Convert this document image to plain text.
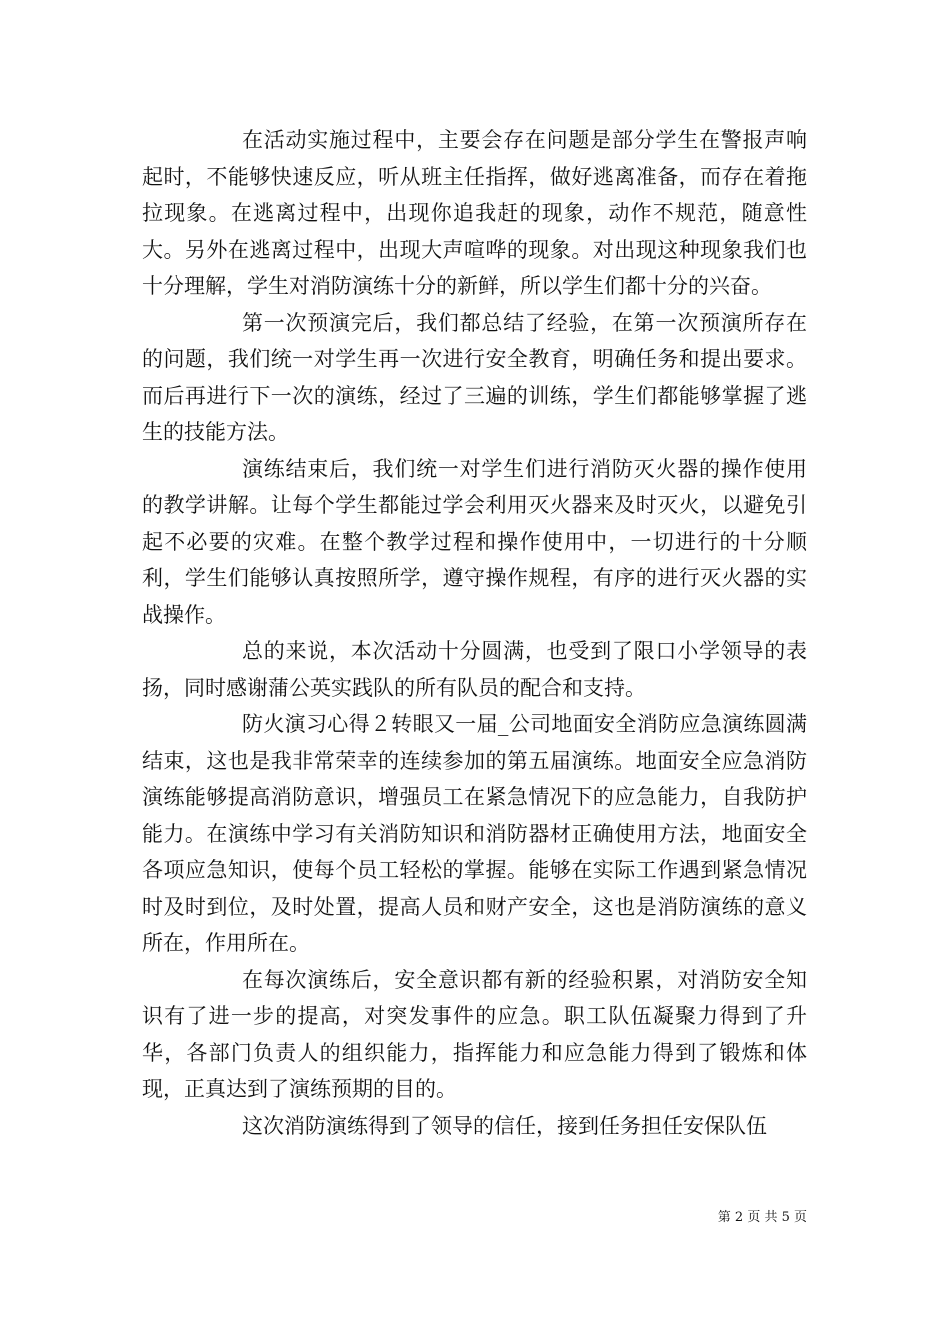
在活动实施过程中，主要会存在问题是部分学生在警报声响起时，不能够快速反应，听从班主任指挥，做好逃离准备，而存在着拖拉现象。在逃离过程中，出现你追我赶的现象，动作不规范，随意性大。另外在逃离过程中，出现大声喧哗的现象。对出现这种现象我们也十分理解，学生对消防演练十分的新鲜，所以学生们都十分的兴奋。

第一次预演完后，我们都总结了经验，在第一次预演所存在的问题，我们统一对学生再一次进行安全教育，明确任务和提出要求。而后再进行下一次的演练，经过了三遍的训练，学生们都能够掌握了逃生的技能方法。

演练结束后，我们统一对学生们进行消防灭火器的操作使用的教学讲解。让每个学生都能过学会利用灭火器来及时灭火，以避免引起不必要的灾难。在整个教学过程和操作使用中，一切进行的十分顺利，学生们能够认真按照所学，遵守操作规程，有序的进行灭火器的实战操作。

总的来说，本次活动十分圆满，也受到了限口小学领导的表扬，同时感谢蒲公英实践队的所有队员的配合和支持。

防火演习心得２转眼又一届_公司地面安全消防应急演练圆满结束，这也是我非常荣幸的连续参加的第五届演练。地面安全应急消防演练能够提高消防意识，增强员工在紧急情况下的应急能力，自我防护能力。在演练中学习有关消防知识和消防器材正确使用方法，地面安全各项应急知识，使每个员工轻松的掌握。能够在实际工作遇到紧急情况时及时到位，及时处置，提高人员和财产安全，这也是消防演练的意义所在，作用所在。

在每次演练后，安全意识都有新的经验积累，对消防安全知识有了进一步的提高，对突发事件的应急。职工队伍凝聚力得到了升华，各部门负责人的组织能力，指挥能力和应急能力得到了锻炼和体现，正真达到了演练预期的目的。

这次消防演练得到了领导的信任，接到任务担任安保队伍

第 2 页 共 5 页
